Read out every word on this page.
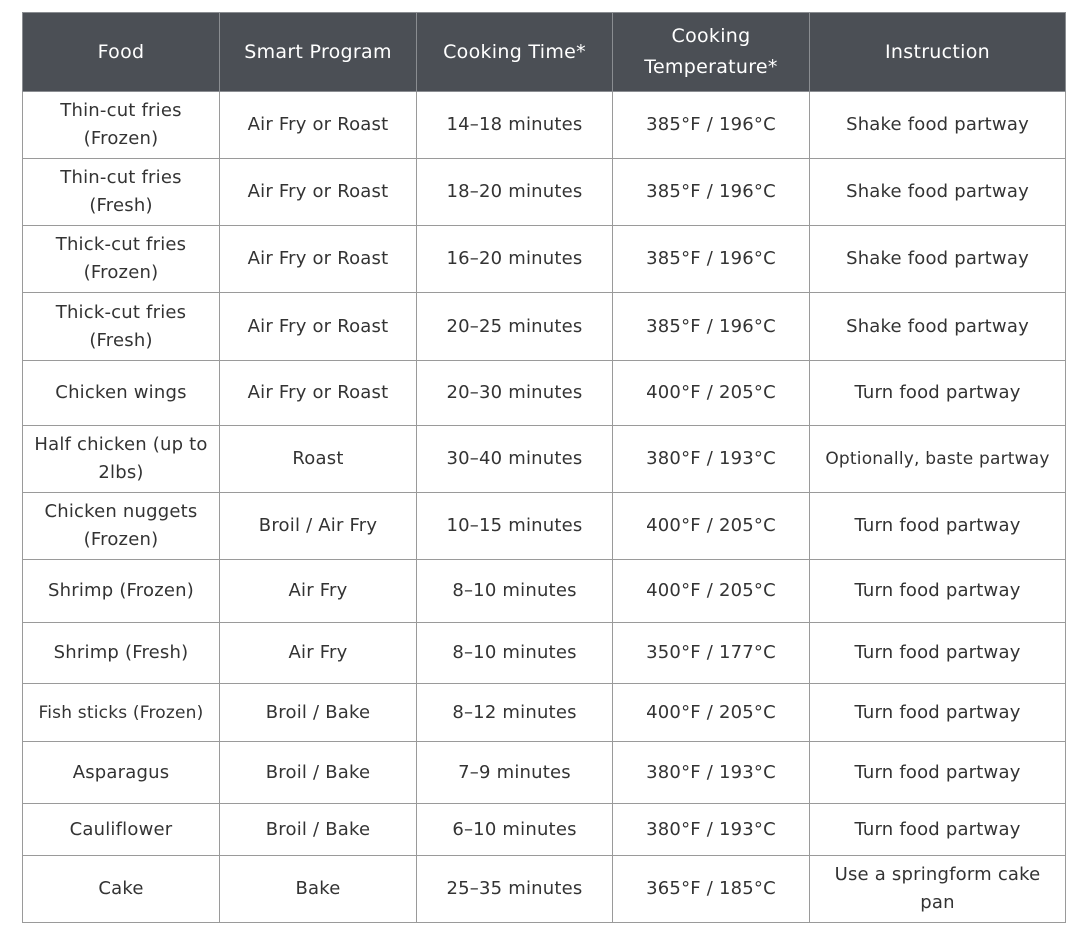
Food	Smart Program	Cooking Time*	Cooking Temperature*	Instruction
Thin-cut fries (Frozen)	Air Fry or Roast	14–18 minutes	385°F / 196°C	Shake food partway
Thin-cut fries (Fresh)	Air Fry or Roast	18–20 minutes	385°F / 196°C	Shake food partway
Thick-cut fries (Frozen)	Air Fry or Roast	16–20 minutes	385°F / 196°C	Shake food partway
Thick-cut fries (Fresh)	Air Fry or Roast	20–25 minutes	385°F / 196°C	Shake food partway
Chicken wings	Air Fry or Roast	20–30 minutes	400°F / 205°C	Turn food partway
Half chicken (up to 2lbs)	Roast	30–40 minutes	380°F / 193°C	Optionally, baste partway
Chicken nuggets (Frozen)	Broil / Air Fry	10–15 minutes	400°F / 205°C	Turn food partway
Shrimp (Frozen)	Air Fry	8–10 minutes	400°F / 205°C	Turn food partway
Shrimp (Fresh)	Air Fry	8–10 minutes	350°F / 177°C	Turn food partway
Fish sticks (Frozen)	Broil / Bake	8–12 minutes	400°F / 205°C	Turn food partway
Asparagus	Broil / Bake	7–9 minutes	380°F / 193°C	Turn food partway
Cauliflower	Broil / Bake	6–10 minutes	380°F / 193°C	Turn food partway
Cake	Bake	25–35 minutes	365°F / 185°C	Use a springform cake pan
